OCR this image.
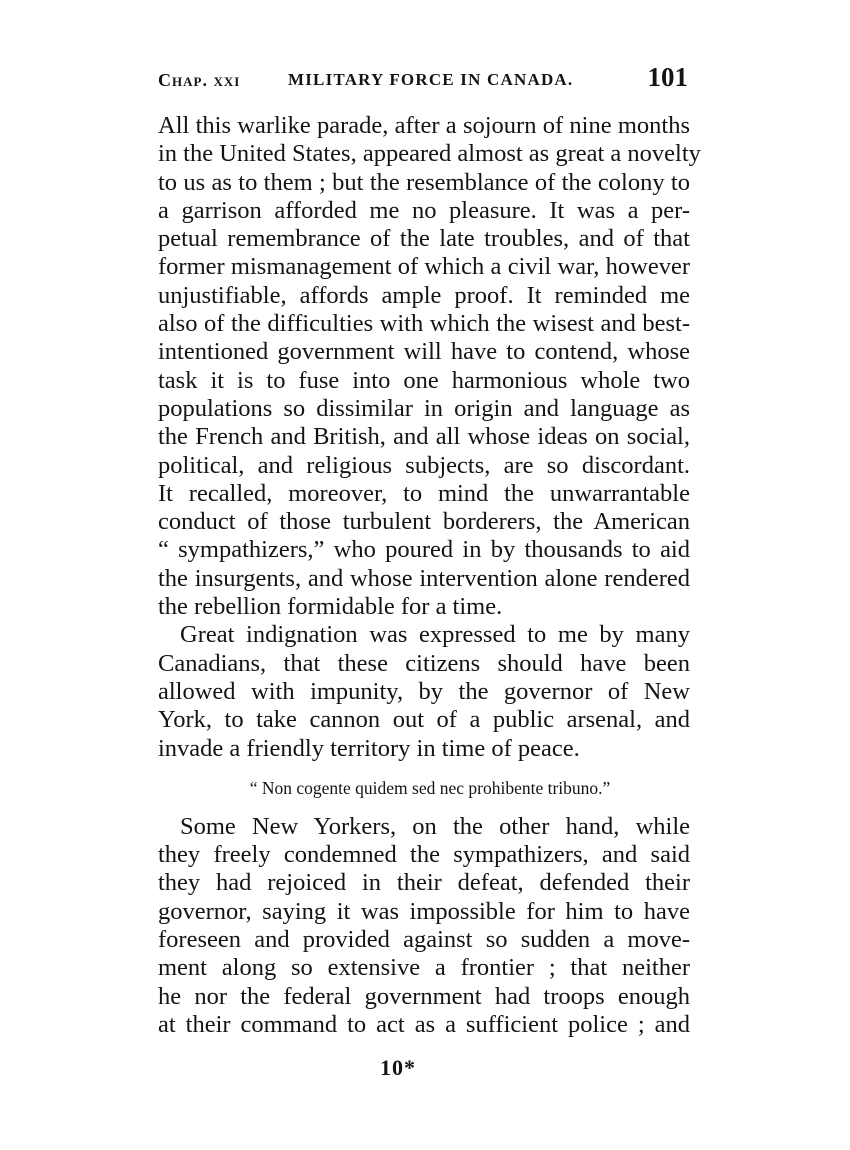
Chap. xxi	MILITARY FORCE IN CANADA.	101
All this warlike parade, after a sojourn of nine months
in the United States, appeared almost as great a novelty
to us as to them ; but the resemblance of the colony to
a garrison afforded me no pleasure. It was a per-
petual remembrance of the late troubles, and of that
former mismanagement of which a civil war, however
unjustifiable, affords ample proof. It reminded me
also of the difficulties with which the wisest and best-
intentioned government will have to contend, whose
task it is to fuse into one harmonious whole two
populations so dissimilar in origin and language as
the French and British, and all whose ideas on social,
political, and religious subjects, are so discordant.
It recalled, moreover, to mind the unwarrantable
conduct of those turbulent borderers, the American
“ sympathizers,” who poured in by thousands to aid
the insurgents, and whose intervention alone rendered
the rebellion formidable for a time.
Great indignation was expressed to me by many
Canadians, that these citizens should have been
allowed with impunity, by the governor of New
York, to take cannon out of a public arsenal, and
invade a friendly territory in time of peace.
“ Non cogente quidem sed nec prohibente tribuno.”
Some New Yorkers, on the other hand, while
they freely condemned the sympathizers, and said
they had rejoiced in their defeat, defended their
governor, saying it was impossible for him to have
foreseen and provided against so sudden a move-
ment along so extensive a frontier ; that neither
he nor the federal government had troops enough
at their command to act as a sufficient police ; and
10*
